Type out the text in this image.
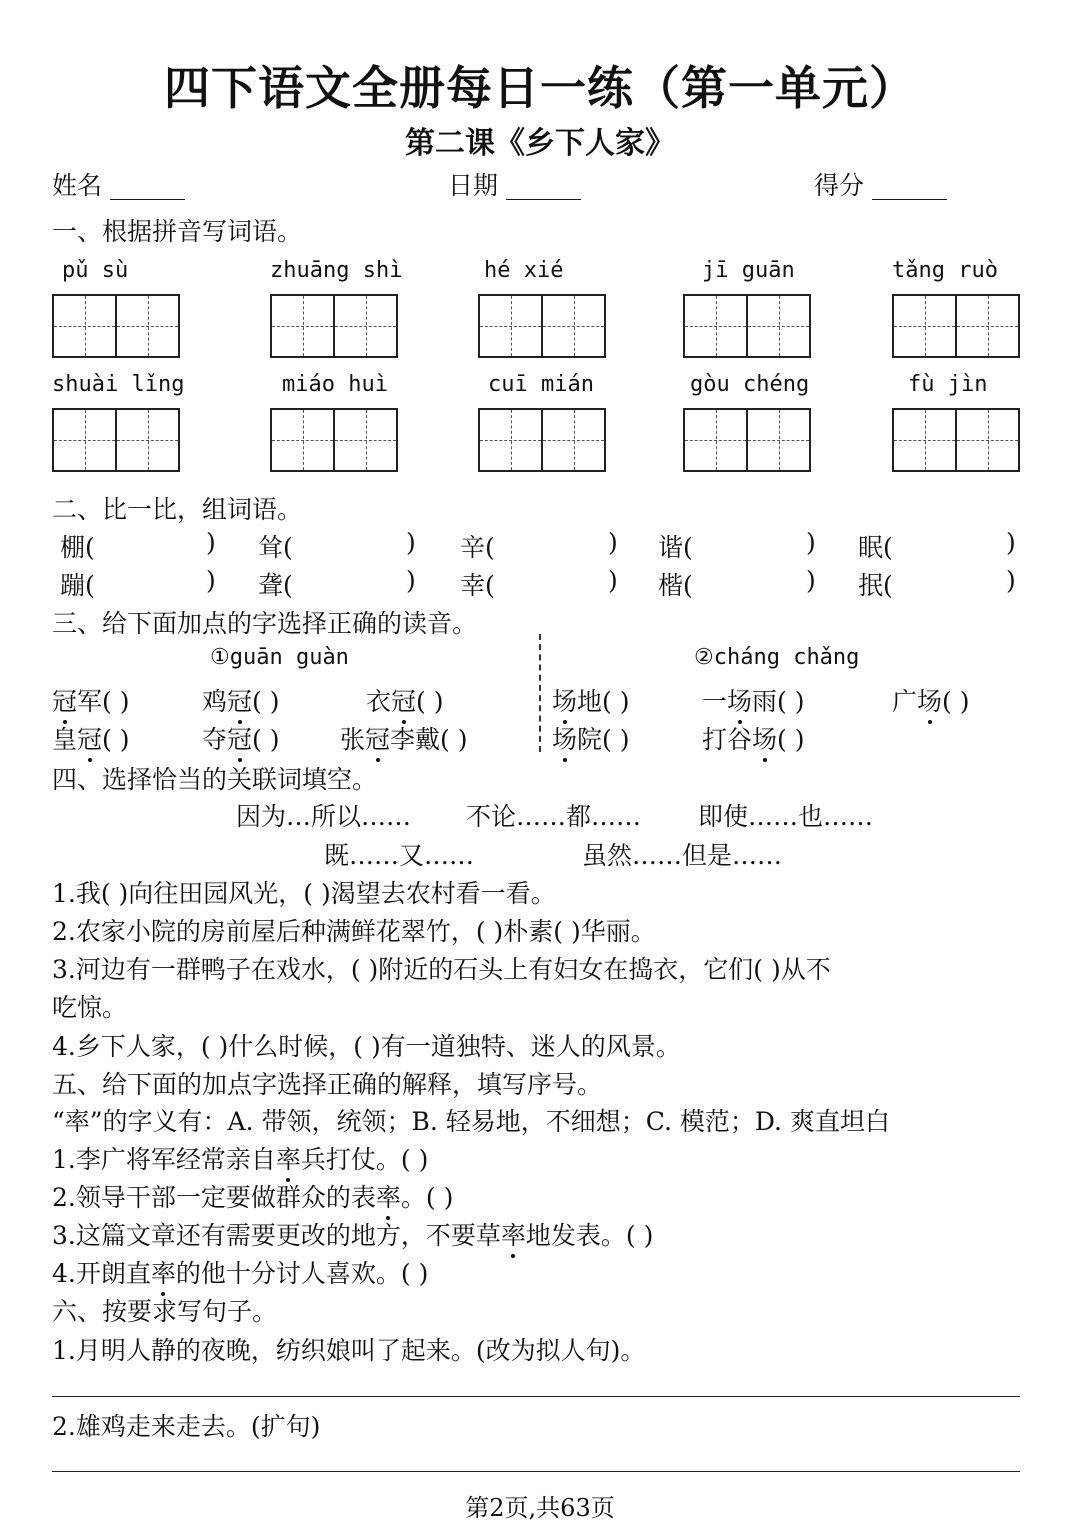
四下语文全册每日一练（第一单元）
第二课《乡下人家》
姓名 ______	日期 ______	得分 ______
一、根据拼音写词语。
pǔ sù	zhuāng shì	hé xié	jī guān	tǎng ruò
shuài lǐng	miáo huì	cuī mián	gòu chéng	fù jìn
二、比一比，组词语。
棚(	) 耸(	) 辛(	) 谐(	) 眠(	)
蹦(	) 聋(	) 幸(	) 楷(	) 抿(	)
三、给下面加点的字选择正确的读音。
①guān guàn	②cháng chǎng
冠军( )	鸡冠( )	衣冠( )
皇冠( )	夺冠( ) 张冠李戴( )
场地( )	一场雨( )	广场( )
场院( )	打谷场( )
四、选择恰当的关联词填空。
因为…所以…… 不论……都…… 即使……也……
既……又……	虽然……但是……
1.我( )向往田园风光，( )渴望去农村看一看。
2.农家小院的房前屋后种满鲜花翠竹，( )朴素( )华丽。
3.河边有一群鸭子在戏水，( )附近的石头上有妇女在捣衣，它们( )从不
吃惊。
4.乡下人家，( )什么时候，( )有一道独特、迷人的风景。
五、给下面的加点字选择正确的解释，填写序号。
“率”的字义有：A. 带领，统领；B. 轻易地，不细想；C. 模范；D. 爽直坦白
1.李广将军经常亲自率兵打仗。( )
2.领导干部一定要做群众的表率。( )
3.这篇文章还有需要更改的地方，不要草率地发表。( )
4.开朗直率的他十分讨人喜欢。( )
六、按要求写句子。
1.月明人静的夜晚，纺织娘叫了起来。(改为拟人句)。
2.雄鸡走来走去。(扩句)
第2页,共63页
